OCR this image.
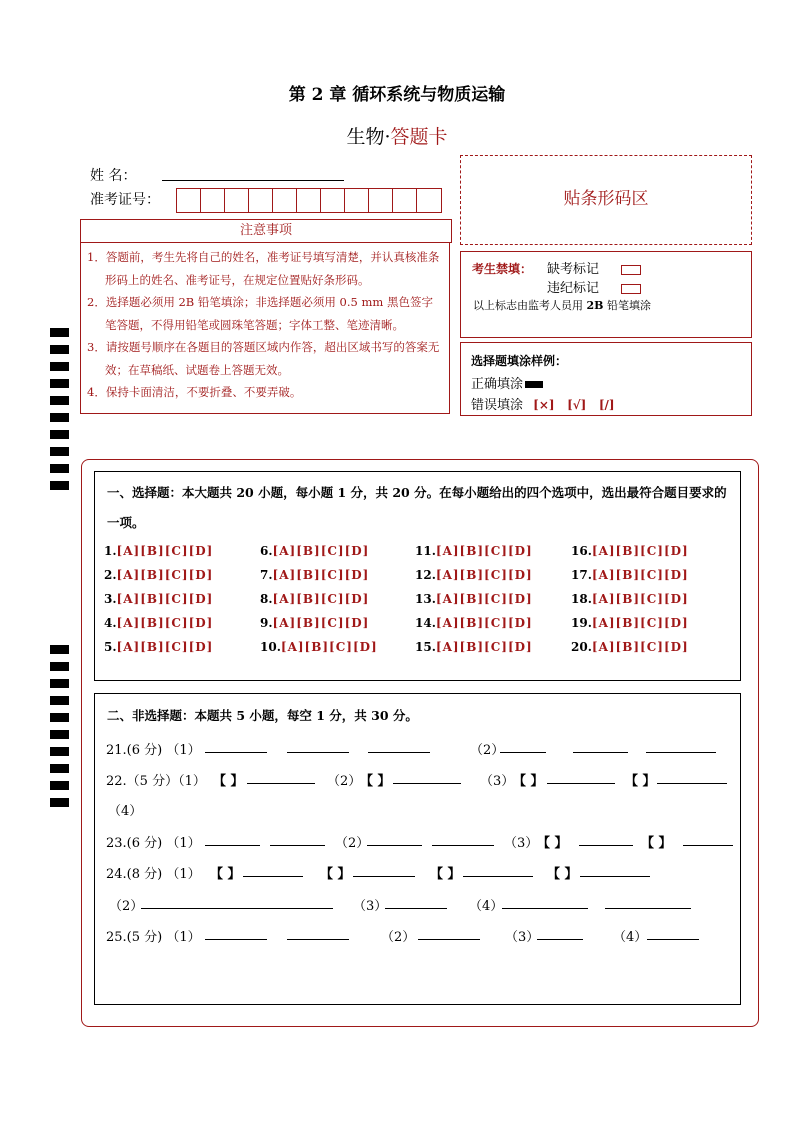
第 2 章 循环系统与物质运输
生物·答题卡
姓 名：
准考证号：
注意事项
1．答题前，考生先将自己的姓名，准考证号填写清楚，并认真核准条形码上的姓名、准考证号，在规定位置贴好条形码。
2．选择题必须用 2B 铅笔填涂；非选择题必须用 0.5 mm 黑色签字笔答题，不得用铅笔或圆珠笔答题；字体工整、笔迹清晰。
3．请按题号顺序在各题目的答题区域内作答，超出区域书写的答案无效；在草稿纸、试题卷上答题无效。
4．保持卡面清洁，不要折叠、不要弄破。
贴条形码区
考生禁填： 缺考标记
违纪标记
以上标志由监考人员用 2B 铅笔填涂
选择题填涂样例：
正确填涂
错误填涂 [×]   [√]   [/]
一、选择题：本大题共 20 小题，每小题 1 分，共 20 分。在每小题给出的四个选项中，选出最符合题目要求的一项。
1.[A][B][C][D]	6.[A][B][C][D]	11.[A][B][C][D]	16.[A][B][C][D]
2.[A][B][C][D]	7.[A][B][C][D]	12.[A][B][C][D]	17.[A][B][C][D]
3.[A][B][C][D]	8.[A][B][C][D]	13.[A][B][C][D]	18.[A][B][C][D]
4.[A][B][C][D]	9.[A][B][C][D]	14.[A][B][C][D]	19.[A][B][C][D]
5.[A][B][C][D]	10.[A][B][C][D]	15.[A][B][C][D]	20.[A][B][C][D]
二、非选择题：本题共 5 小题，每空 1 分，共 30 分。
21.(6 分) （1）	（2）
22.（5 分）（1） 【 】	（2）
【 】	（3）
【 】	【 】
（4）
23.(6 分) （1）	（2）	（3）
【 】	【 】
24.(8 分) （1） 【 】	【 】	【 】	【 】
（2）	（3）	（4）
25.(5 分) （1）	（2）	（3）	（4）
